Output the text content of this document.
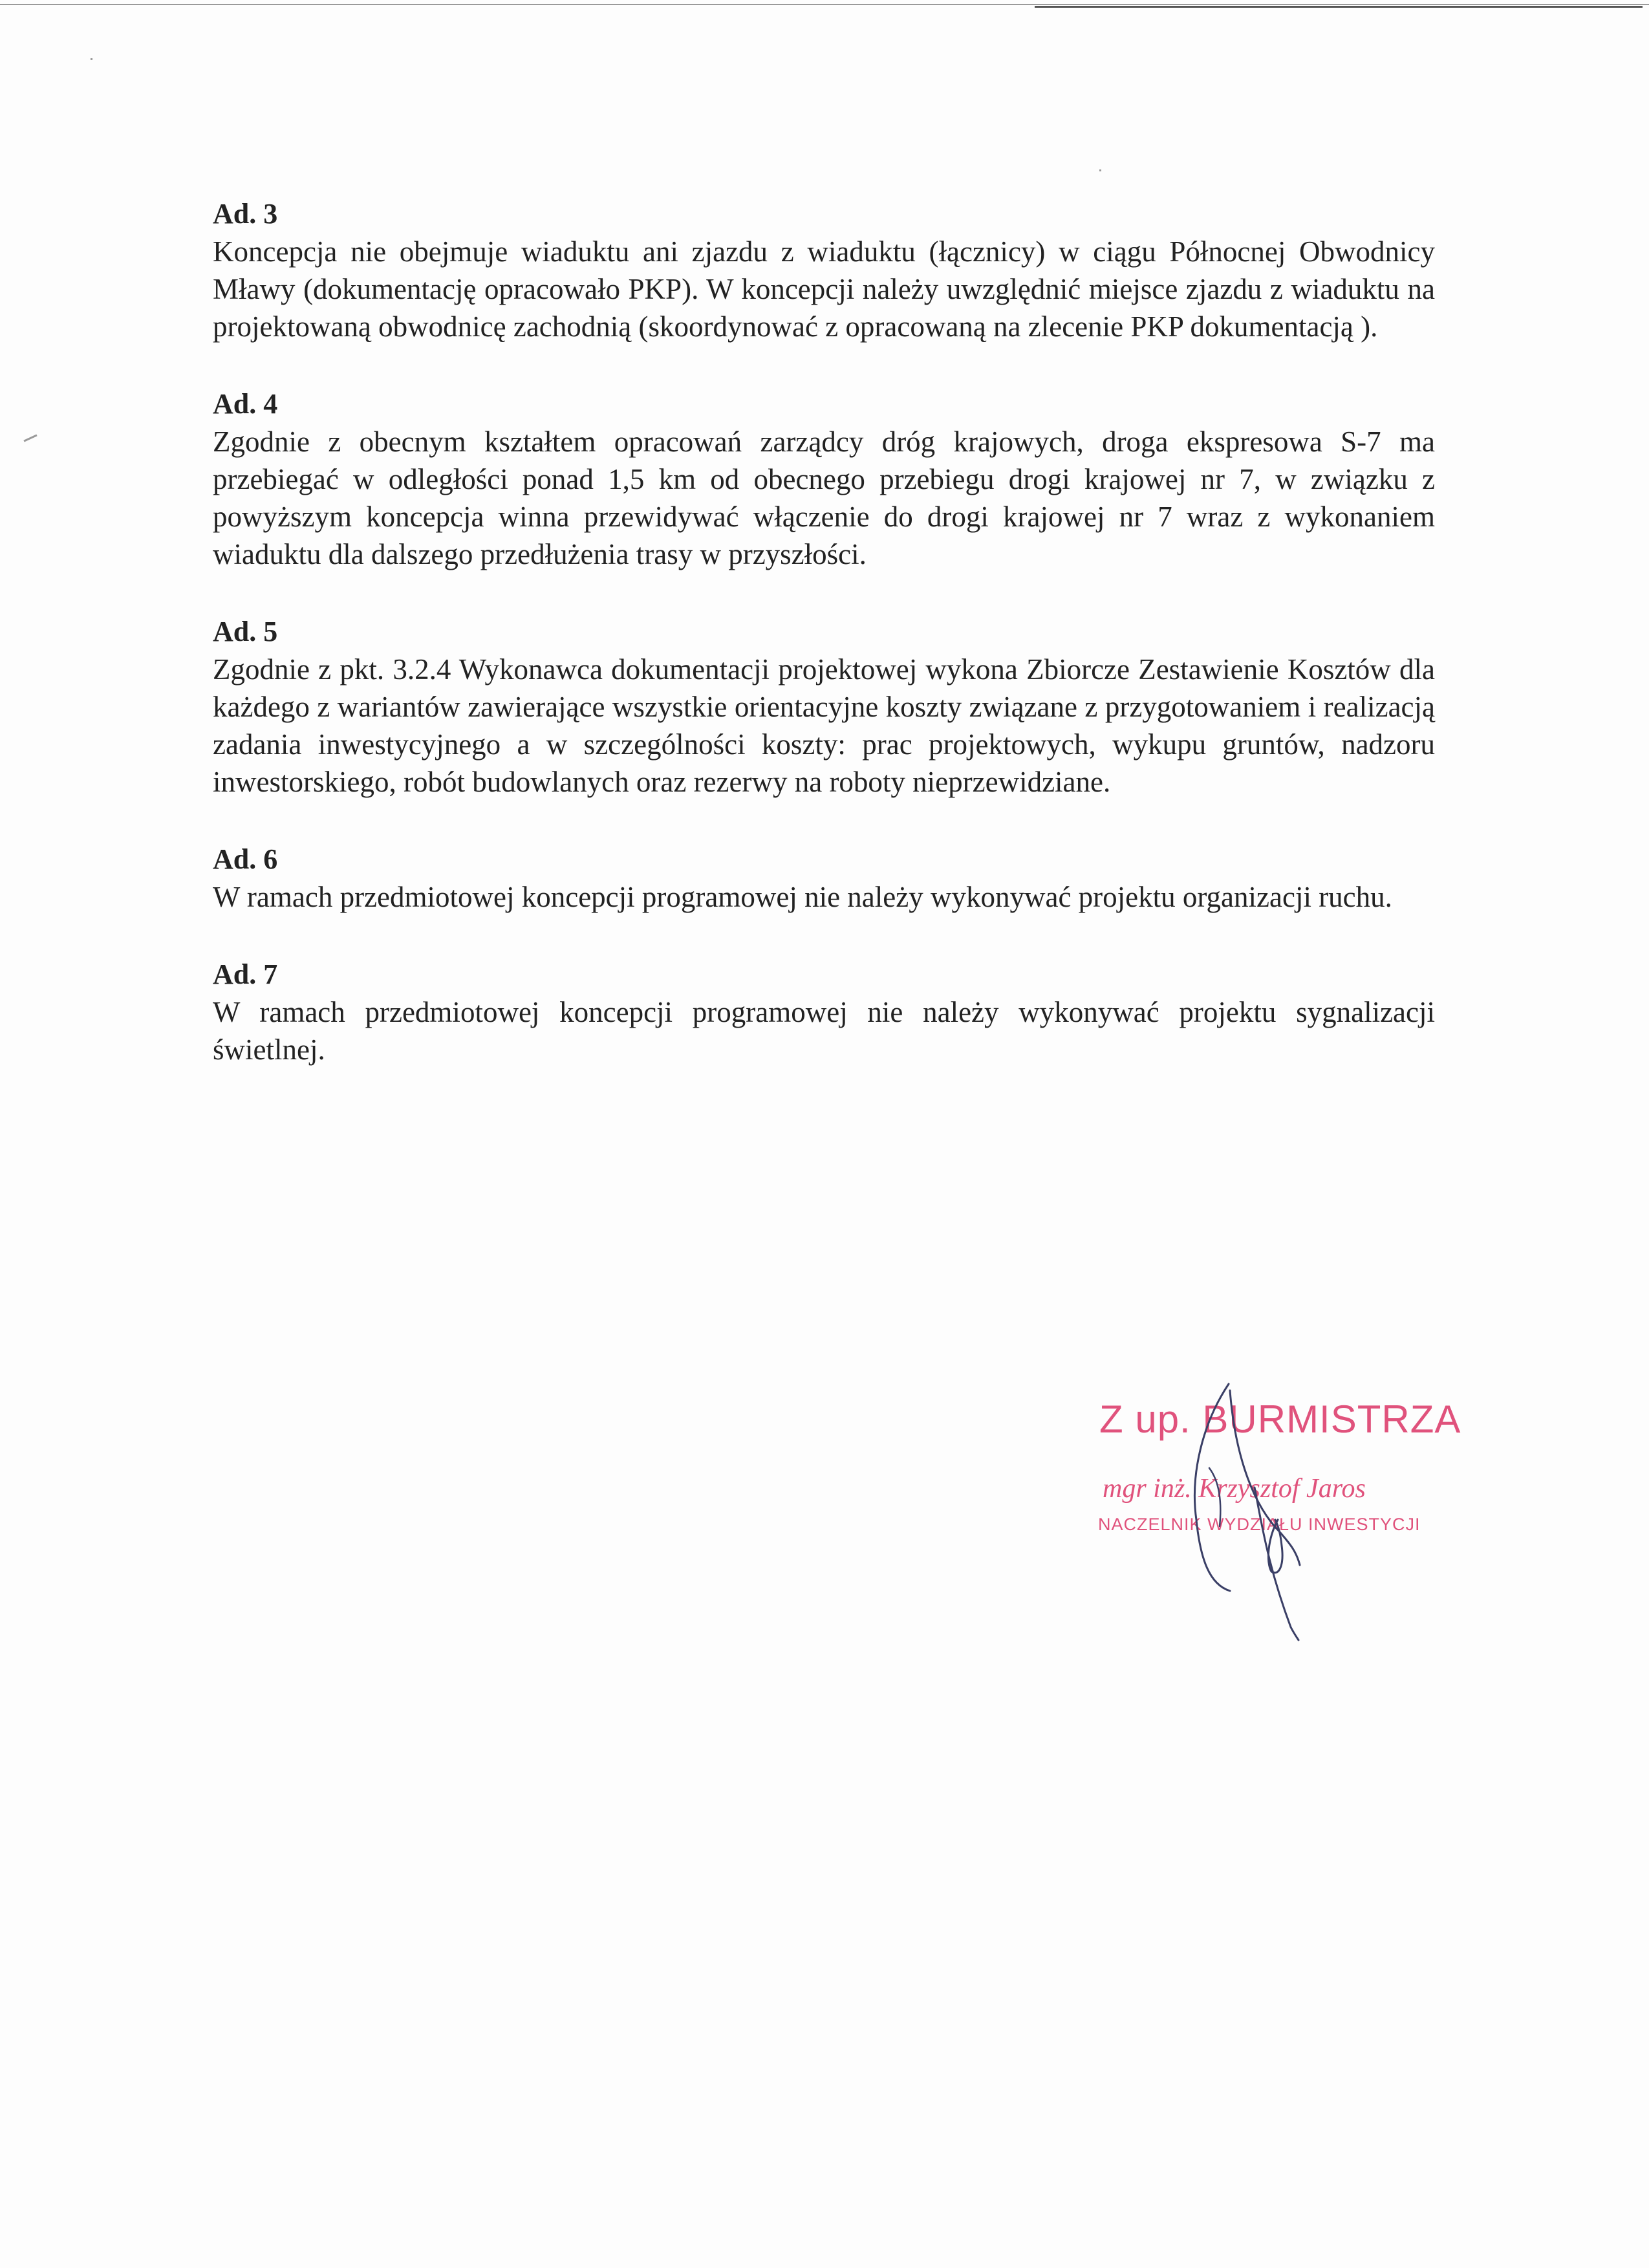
Ad. 3

Koncepcja nie obejmuje wiaduktu ani zjazdu z wiaduktu (łącznicy) w ciągu Północnej Obwodnicy Mławy (dokumentację opracowało PKP). W koncepcji należy uwzględnić miejsce zjazdu z wiaduktu na projektowaną obwodnicę zachodnią (skoordynować z opracowaną na zlecenie PKP dokumentacją ).

Ad. 4

Zgodnie z obecnym kształtem opracowań zarządcy dróg krajowych, droga ekspresowa S-7 ma przebiegać w odległości ponad 1,5 km od obecnego przebiegu drogi krajowej nr 7, w związku z powyższym koncepcja winna przewidywać włączenie do drogi krajowej nr 7 wraz z wykonaniem wiaduktu dla dalszego przedłużenia trasy w przyszłości.

Ad. 5

Zgodnie z pkt. 3.2.4 Wykonawca dokumentacji projektowej wykona Zbiorcze Zestawienie Kosztów dla każdego z wariantów zawierające wszystkie orientacyjne koszty związane z przygotowaniem i realizacją zadania inwestycyjnego a w szczególności koszty: prac projektowych, wykupu gruntów, nadzoru inwestorskiego, robót budowlanych oraz rezerwy na roboty nieprzewidziane.

Ad. 6

W ramach przedmiotowej koncepcji programowej nie należy wykonywać projektu organizacji ruchu.

Ad. 7

W ramach przedmiotowej koncepcji programowej nie należy wykonywać projektu sygnalizacji świetlnej.

Z up. BURMISTRZA
mgr inż. Krzysztof Jaros
NACZELNIK WYDZIAŁU INWESTYCJI
